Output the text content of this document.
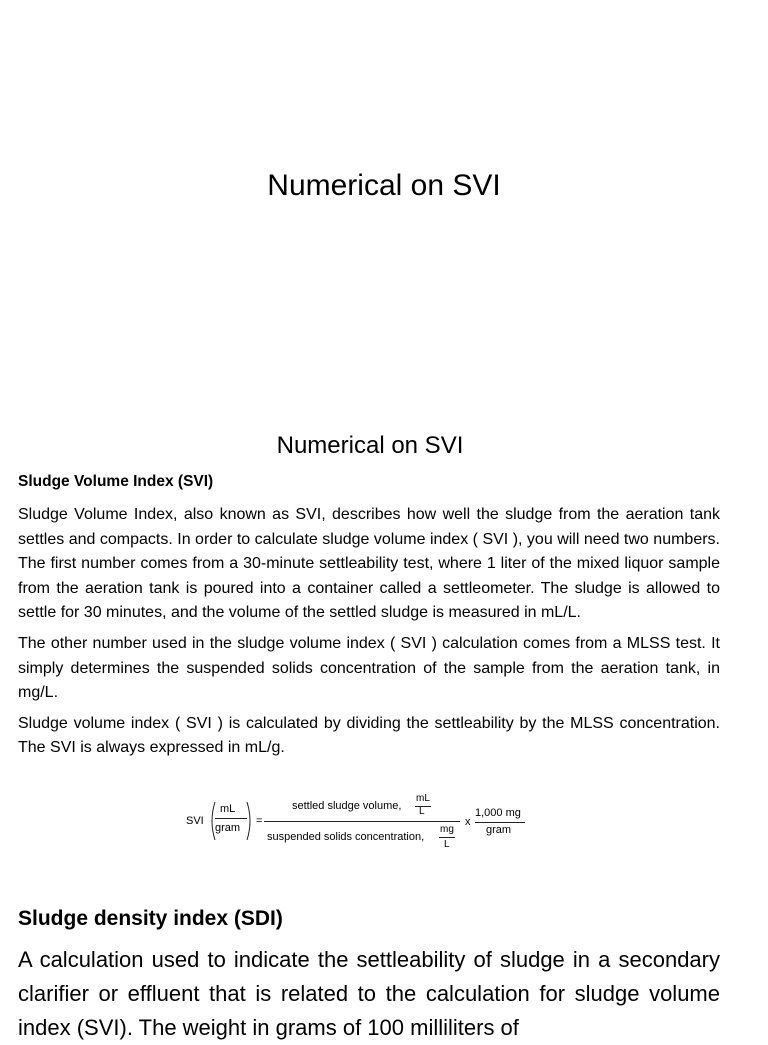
Numerical on SVI
Numerical on SVI
Sludge Volume Index (SVI)

Sludge Volume Index, also known as SVI, describes how well the sludge from the aeration tank settles and compacts. In order to calculate sludge volume index ( SVI ), you will need two numbers. The first number comes from a 30-minute settleability test, where 1 liter of the mixed liquor sample from the aeration tank is poured into a container called a settleometer. The sludge is allowed to settle for 30 minutes, and the volume of the settled sludge is measured in mL/L.

The other number used in the sludge volume index ( SVI ) calculation comes from a MLSS test. It simply determines the suspended solids concentration of the sample from the aeration tank, in mg/L.

Sludge volume index ( SVI ) is calculated by dividing the settleability by the MLSS concentration. The SVI is always expressed in mL/g.

SVI
mL
gram
=
settled sludge volume,
mL
L
suspended solids concentration,
mg
L
x
1,000 mg
gram
Sludge density index (SDI)
A calculation used to indicate the settleability of sludge in a secondary clarifier or effluent that is related to the calculation for sludge volume index (SVI). The weight in grams of 100 milliliters of
